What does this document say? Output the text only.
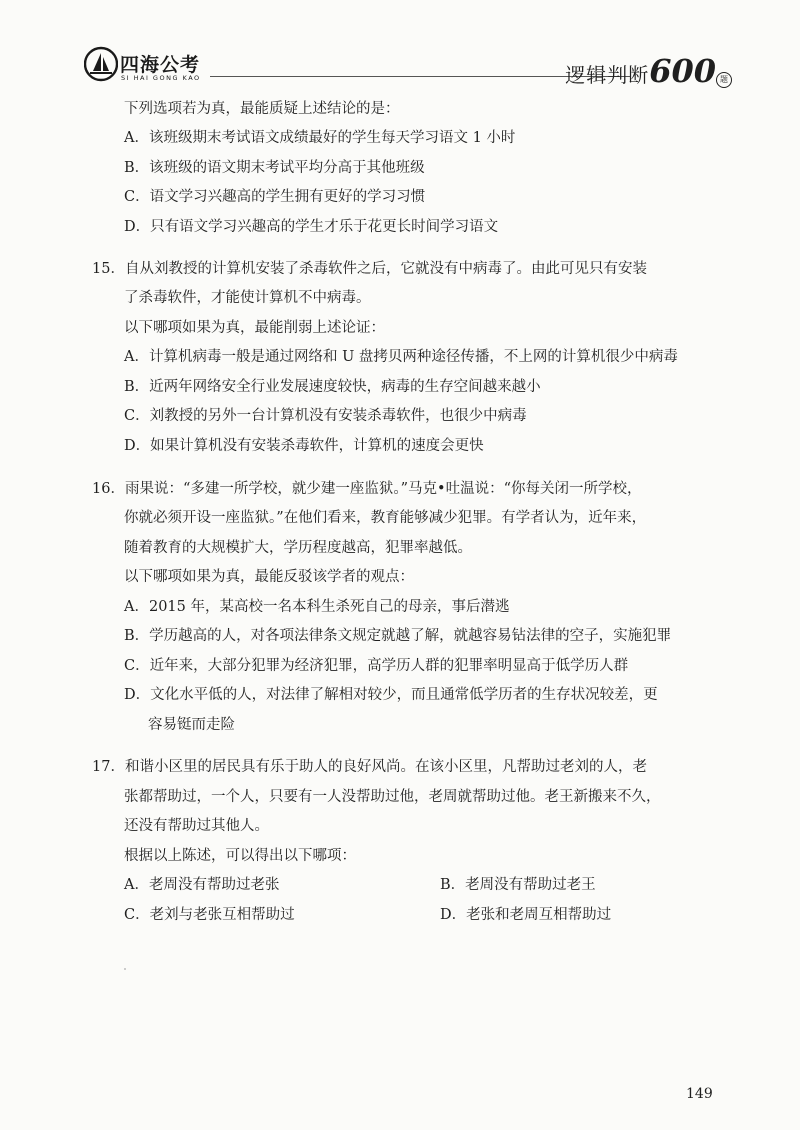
四海公考
SI HAI GONG KAO	逻辑判断600 题
下列选项若为真，最能质疑上述结论的是：
A．该班级期末考试语文成绩最好的学生每天学习语文 1 小时
B．该班级的语文期末考试平均分高于其他班级
C．语文学习兴趣高的学生拥有更好的学习习惯
D．只有语文学习兴趣高的学生才乐于花更长时间学习语文
15．自从刘教授的计算机安装了杀毒软件之后，它就没有中病毒了。由此可见只有安装
了杀毒软件，才能使计算机不中病毒。
以下哪项如果为真，最能削弱上述论证：
A．计算机病毒一般是通过网络和 U 盘拷贝两种途径传播，不上网的计算机很少中病毒
B．近两年网络安全行业发展速度较快，病毒的生存空间越来越小
C．刘教授的另外一台计算机没有安装杀毒软件，也很少中病毒
D．如果计算机没有安装杀毒软件，计算机的速度会更快
16．雨果说：“多建一所学校，就少建一座监狱。”马克•吐温说：“你每关闭一所学校，
你就必须开设一座监狱。”在他们看来，教育能够减少犯罪。有学者认为，近年来，
随着教育的大规模扩大，学历程度越高，犯罪率越低。
以下哪项如果为真，最能反驳该学者的观点：
A．2015 年，某高校一名本科生杀死自己的母亲，事后潜逃
B．学历越高的人，对各项法律条文规定就越了解，就越容易钻法律的空子，实施犯罪
C．近年来，大部分犯罪为经济犯罪，高学历人群的犯罪率明显高于低学历人群
D．文化水平低的人，对法律了解相对较少，而且通常低学历者的生存状况较差，更
容易铤而走险
17．和谐小区里的居民具有乐于助人的良好风尚。在该小区里，凡帮助过老刘的人，老
张都帮助过，一个人，只要有一人没帮助过他，老周就帮助过他。老王新搬来不久，
还没有帮助过其他人。
根据以上陈述，可以得出以下哪项：
A．老周没有帮助过老张	B．老周没有帮助过老王
C．老刘与老张互相帮助过	D．老张和老周互相帮助过
149
